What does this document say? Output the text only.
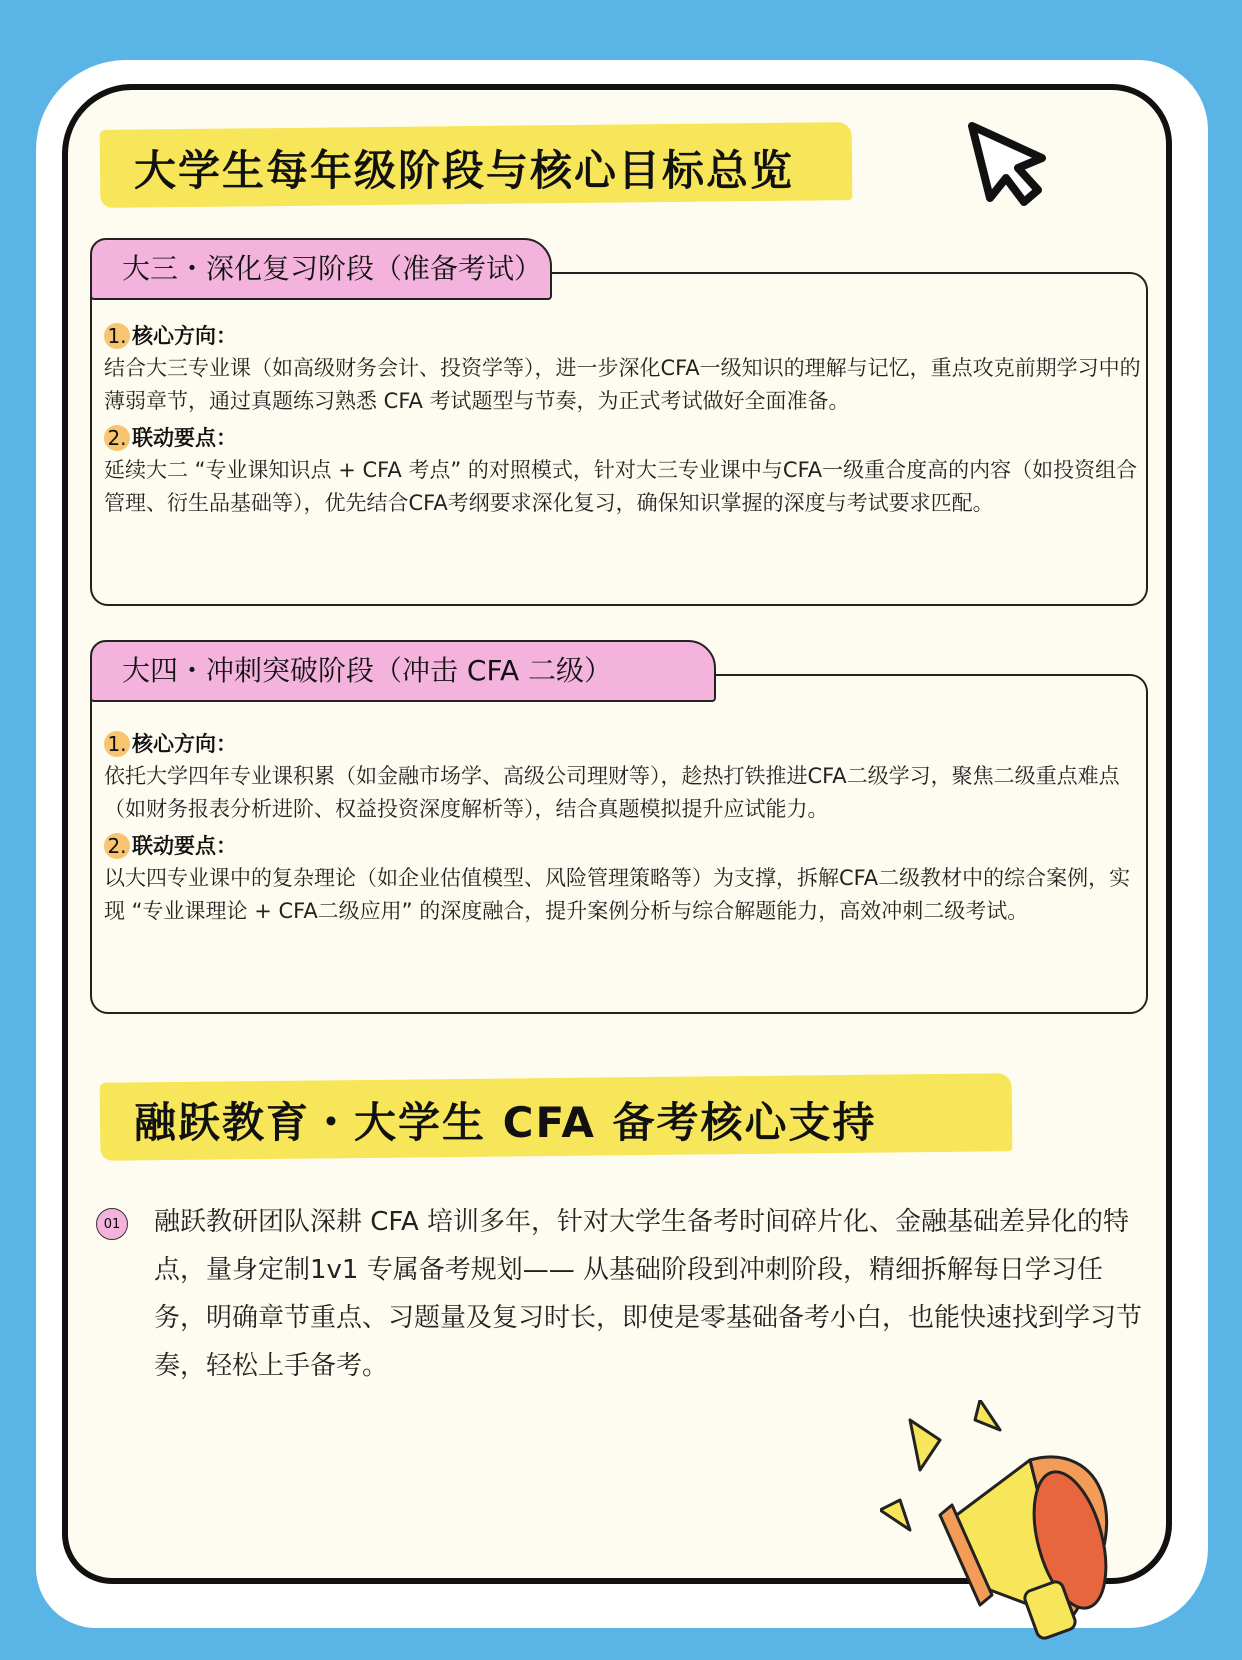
大学生每年级阶段与核心目标总览
大三・深化复习阶段（准备考试）
1. 核心方向：
结合大三专业课（如高级财务会计、投资学等），进一步深化CFA一级知识的理解与记忆，重点攻克前期学习中的薄弱章节，通过真题练习熟悉 CFA 考试题型与节奏，为正式考试做好全面准备。
2. 联动要点：
延续大二 “专业课知识点 + CFA 考点” 的对照模式，针对大三专业课中与CFA一级重合度高的内容（如投资组合管理、衍生品基础等），优先结合CFA考纲要求深化复习，确保知识掌握的深度与考试要求匹配。
大四・冲刺突破阶段（冲击 CFA 二级）
1. 核心方向：
依托大学四年专业课积累（如金融市场学、高级公司理财等），趁热打铁推进CFA二级学习，聚焦二级重点难点（如财务报表分析进阶、权益投资深度解析等），结合真题模拟提升应试能力。
2. 联动要点：
以大四专业课中的复杂理论（如企业估值模型、风险管理策略等）为支撑，拆解CFA二级教材中的综合案例，实现 “专业课理论 + CFA二级应用” 的深度融合，提升案例分析与综合解题能力，高效冲刺二级考试。
融跃教育・大学生 CFA 备考核心支持
01 融跃教研团队深耕 CFA 培训多年，针对大学生备考时间碎片化、金融基础差异化的特点，量身定制1v1 专属备考规划—— 从基础阶段到冲刺阶段，精细拆解每日学习任务，明确章节重点、习题量及复习时长，即使是零基础备考小白，也能快速找到学习节奏，轻松上手备考。
